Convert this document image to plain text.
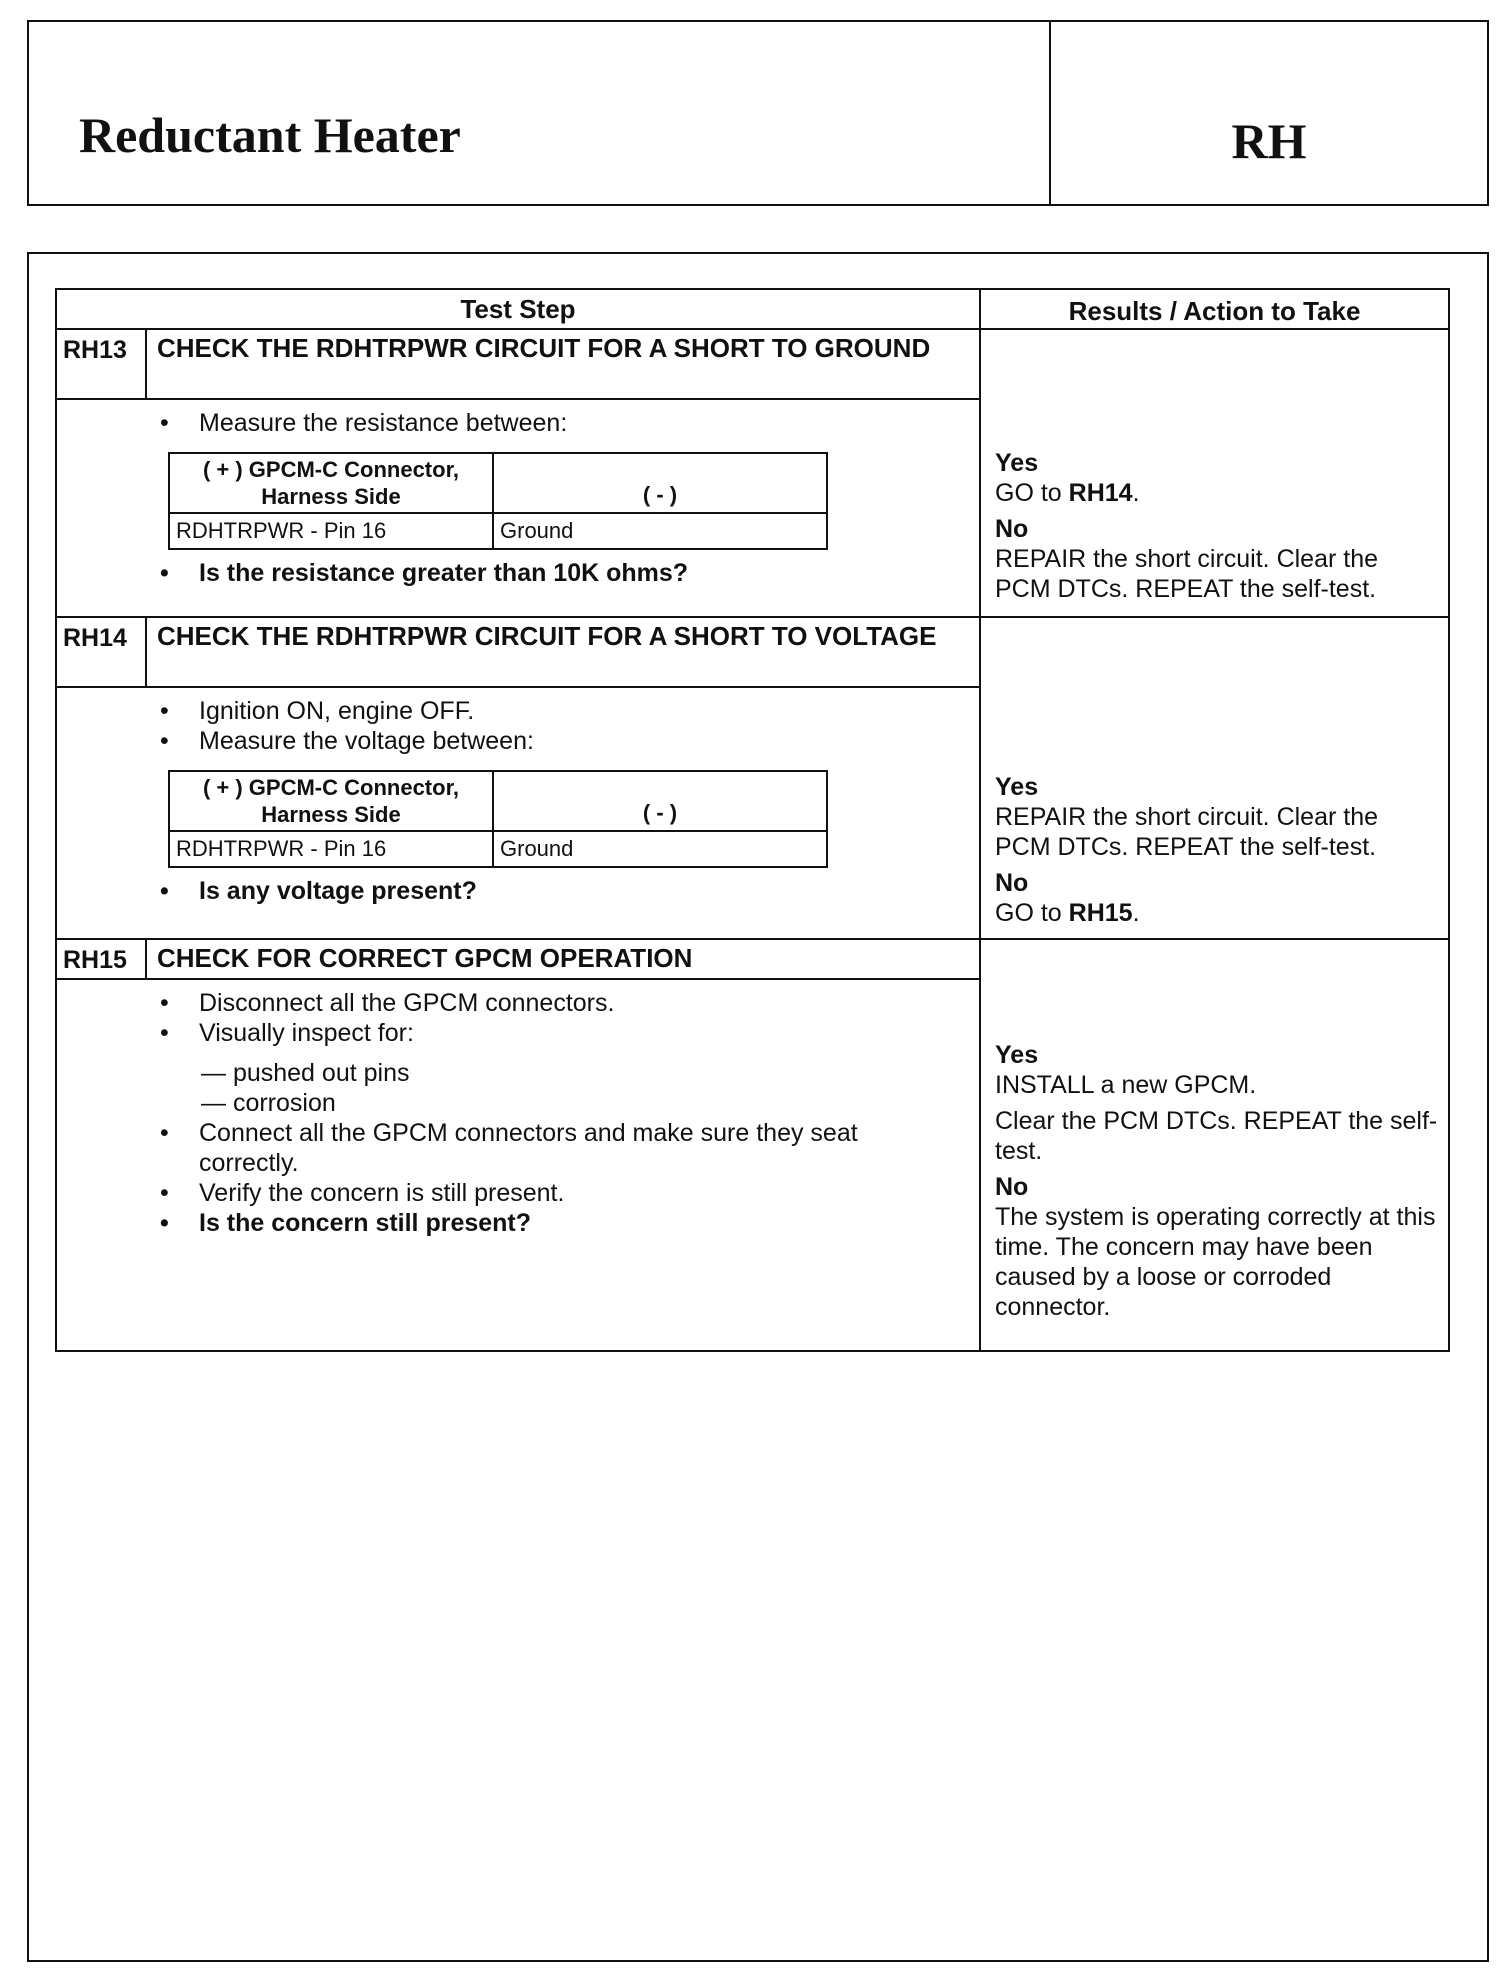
Reductant Heater	RH
Test Step	Results / Action to Take
RH13	CHECK THE RDHTRPWR CIRCUIT FOR A SHORT TO GROUND
• Measure the resistance between:
( + ) GPCM-C Connector, Harness Side	( - )
RDHTRPWR - Pin 16	Ground
• Is the resistance greater than 10K ohms?
Yes
GO to RH14.
No
REPAIR the short circuit. Clear the PCM DTCs. REPEAT the self-test.
RH14	CHECK THE RDHTRPWR CIRCUIT FOR A SHORT TO VOLTAGE
• Ignition ON, engine OFF.
• Measure the voltage between:
( + ) GPCM-C Connector, Harness Side	( - )
RDHTRPWR - Pin 16	Ground
• Is any voltage present?
Yes
REPAIR the short circuit. Clear the PCM DTCs. REPEAT the self-test.
No
GO to RH15.
RH15	CHECK FOR CORRECT GPCM OPERATION
• Disconnect all the GPCM connectors.
• Visually inspect for:
— pushed out pins
— corrosion
• Connect all the GPCM connectors and make sure they seat correctly.
• Verify the concern is still present.
• Is the concern still present?
Yes
INSTALL a new GPCM.
Clear the PCM DTCs. REPEAT the self-test.
No
The system is operating correctly at this time. The concern may have been caused by a loose or corroded connector.
